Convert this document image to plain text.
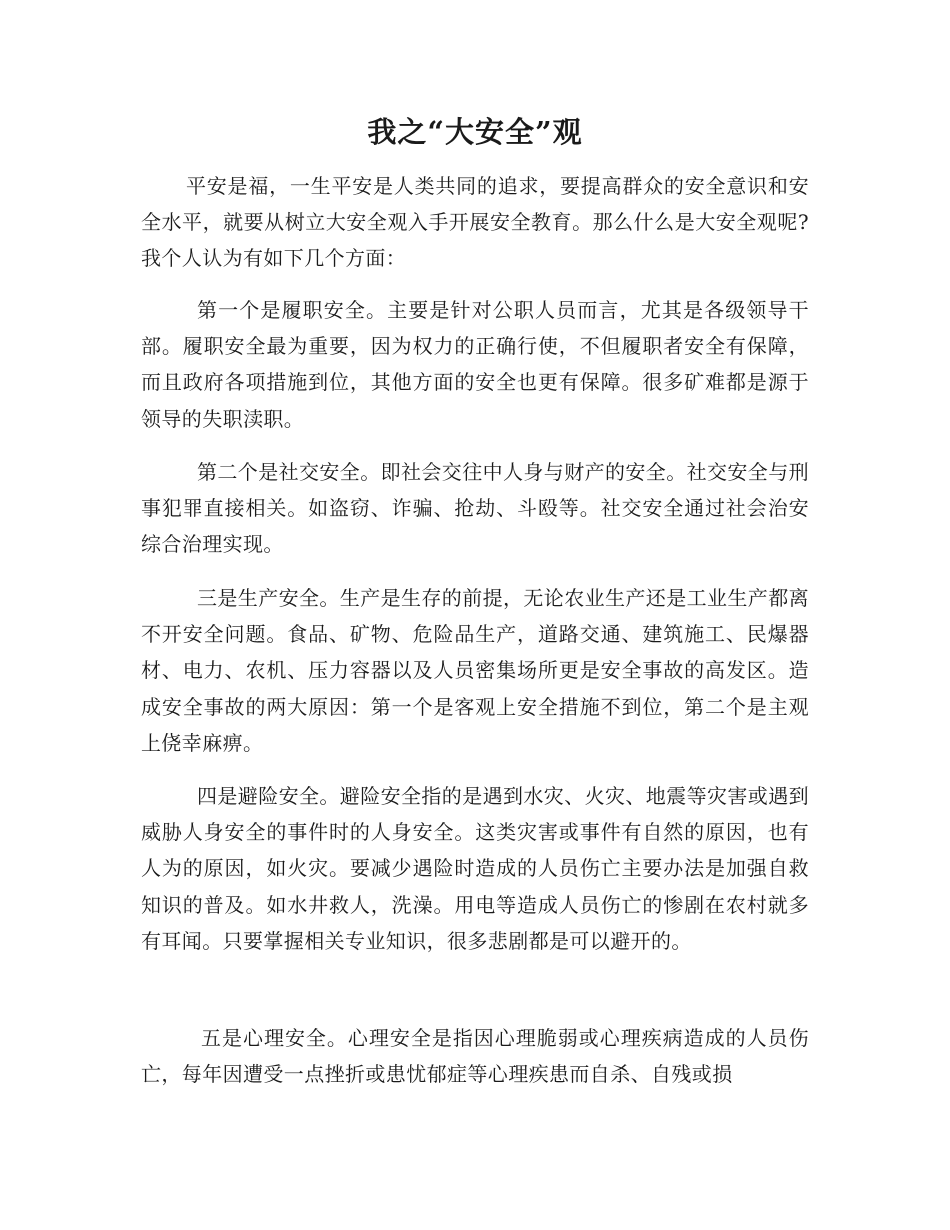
我之“大安全”观

平安是福，一生平安是人类共同的追求，要提高群众的安全意识和安全水平，就要从树立大安全观入手开展安全教育。那么什么是大安全观呢?我个人认为有如下几个方面：

第一个是履职安全。主要是针对公职人员而言，尤其是各级领导干部。履职安全最为重要，因为权力的正确行使，不但履职者安全有保障，而且政府各项措施到位，其他方面的安全也更有保障。很多矿难都是源于领导的失职渎职。

第二个是社交安全。即社会交往中人身与财产的安全。社交安全与刑事犯罪直接相关。如盗窃、诈骗、抢劫、斗殴等。社交安全通过社会治安综合治理实现。

三是生产安全。生产是生存的前提，无论农业生产还是工业生产都离不开安全问题。食品、矿物、危险品生产，道路交通、建筑施工、民爆器材、电力、农机、压力容器以及人员密集场所更是安全事故的高发区。造成安全事故的两大原因：第一个是客观上安全措施不到位，第二个是主观上侥幸麻痹。

四是避险安全。避险安全指的是遇到水灾、火灾、地震等灾害或遇到威胁人身安全的事件时的人身安全。这类灾害或事件有自然的原因，也有人为的原因，如火灾。要减少遇险时造成的人员伤亡主要办法是加强自救知识的普及。如水井救人，洗澡。用电等造成人员伤亡的惨剧在农村就多有耳闻。只要掌握相关专业知识，很多悲剧都是可以避开的。

五是心理安全。心理安全是指因心理脆弱或心理疾病造成的人员伤亡，每年因遭受一点挫折或患忧郁症等心理疾患而自杀、自残或损
